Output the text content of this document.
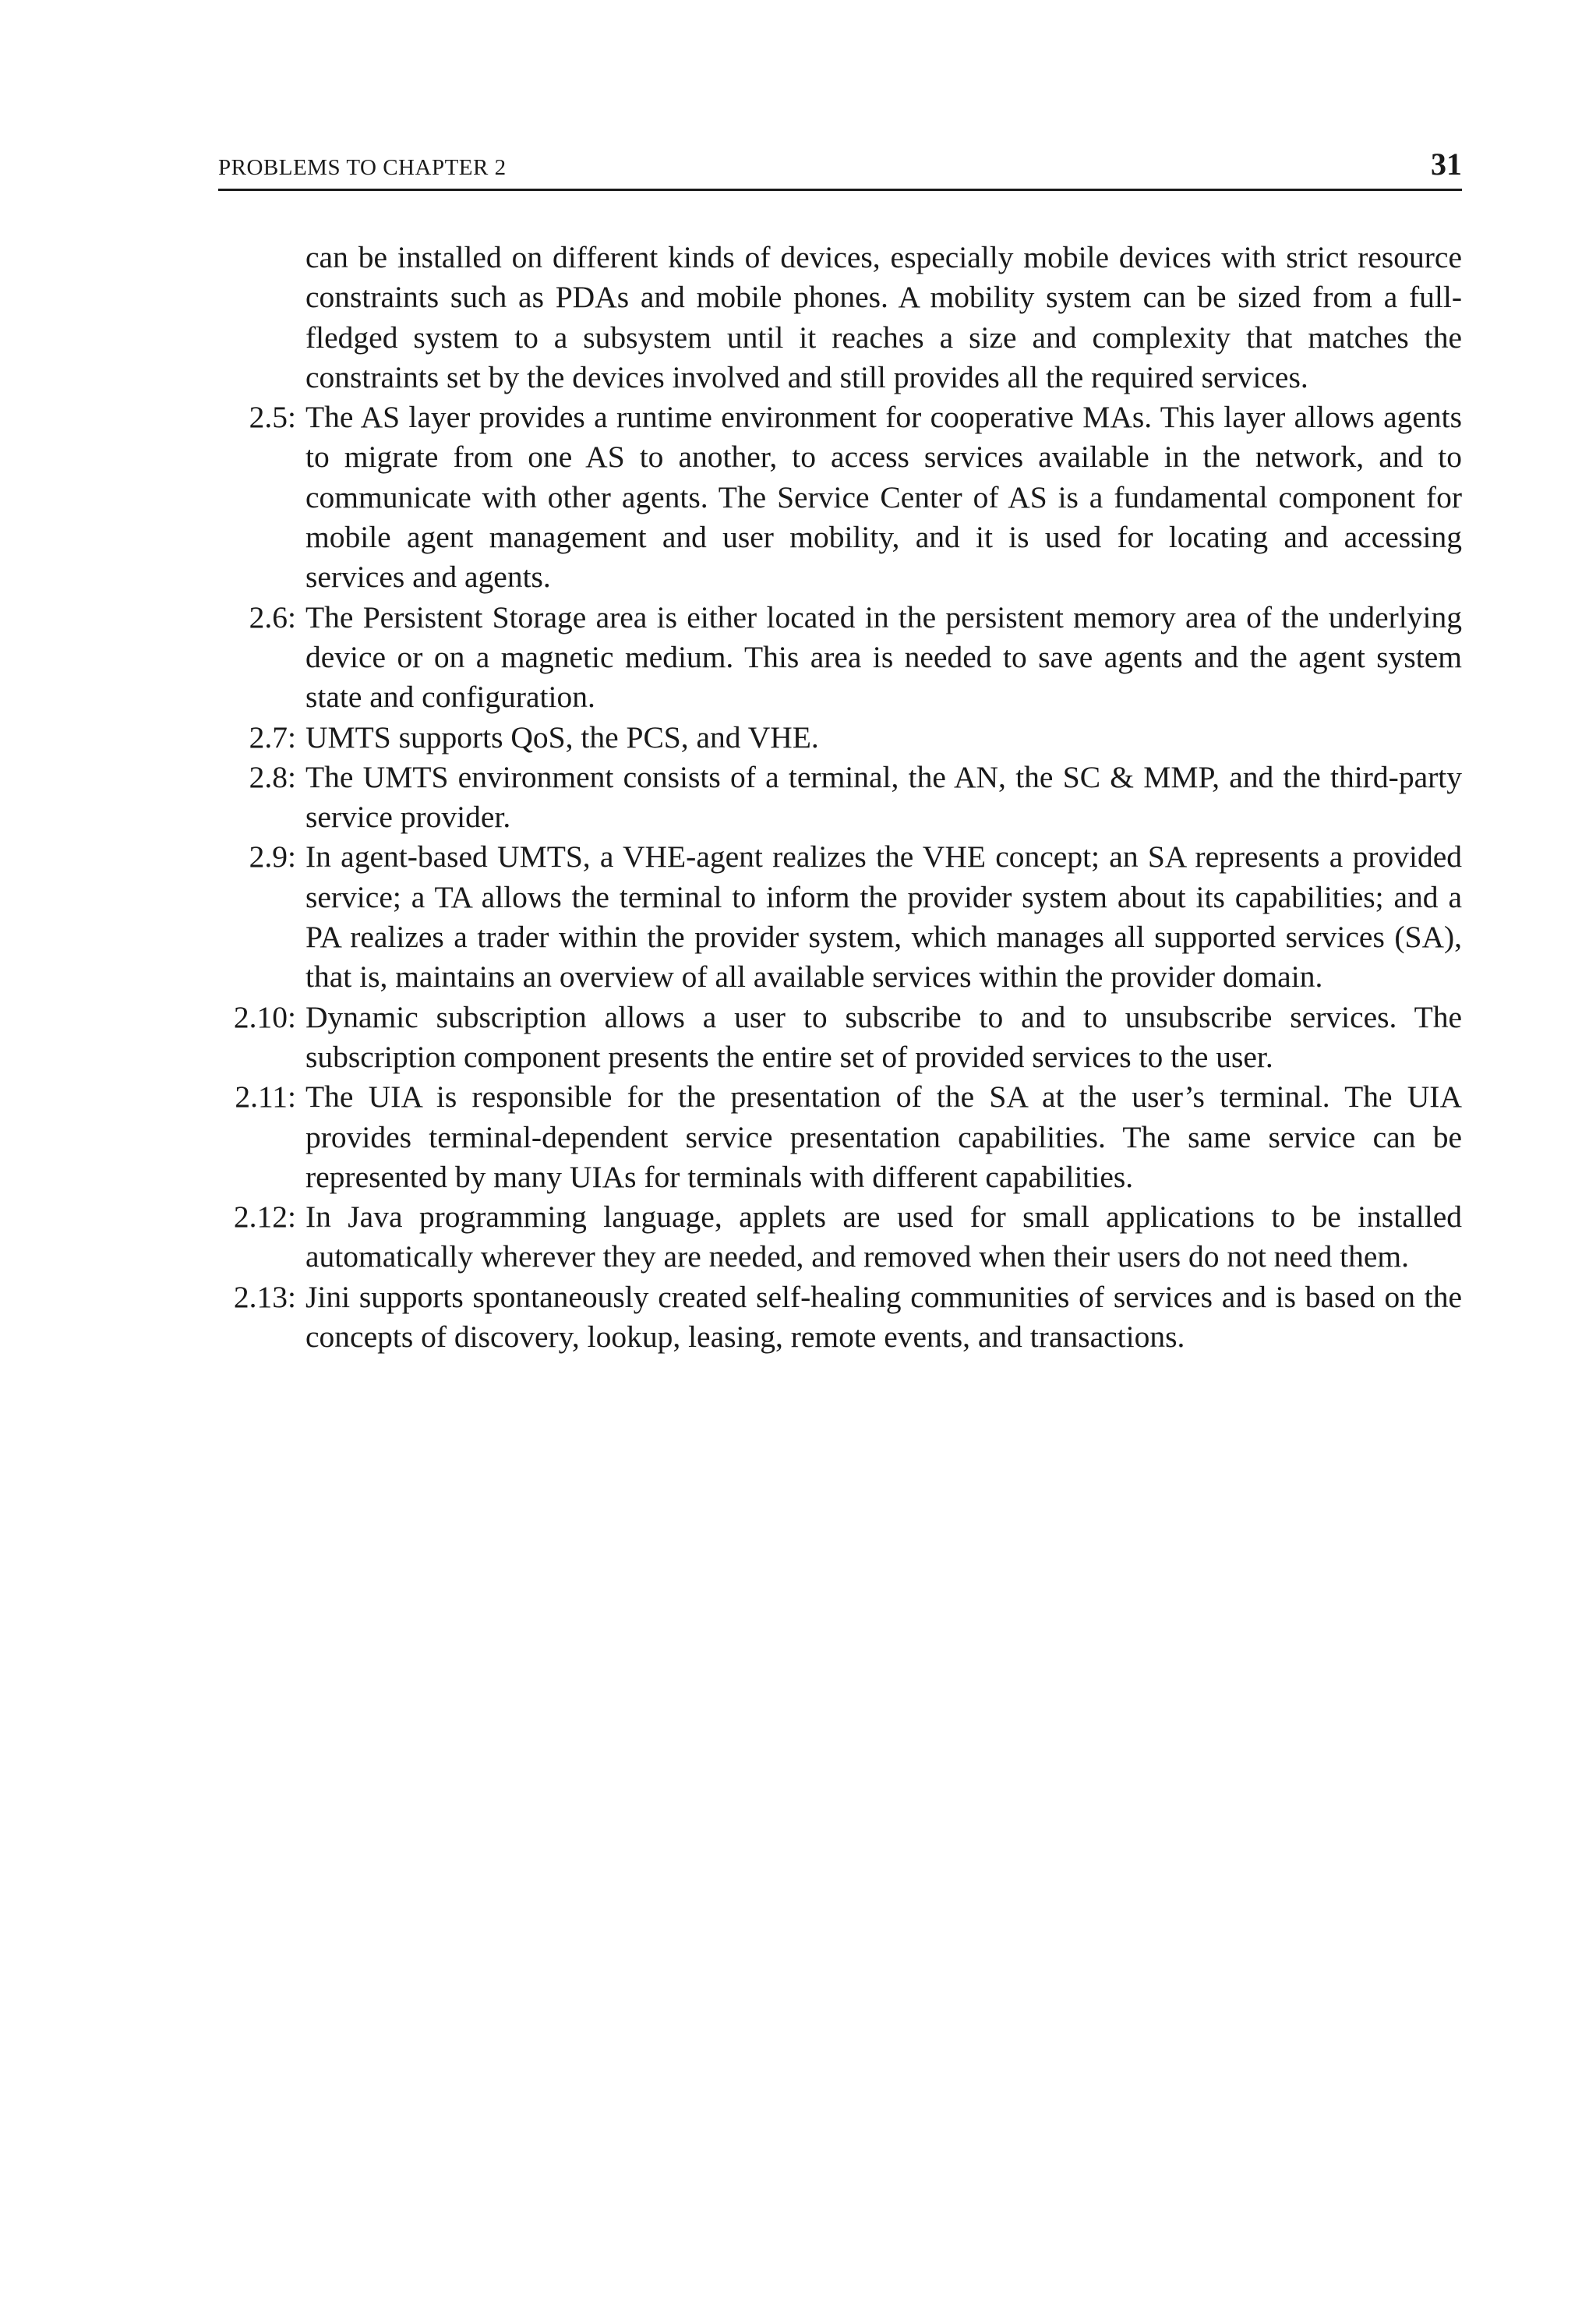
PROBLEMS TO CHAPTER 2	31
can be installed on different kinds of devices, especially mobile devices with strict resource constraints such as PDAs and mobile phones. A mobility system can be sized from a full-fledged system to a subsystem until it reaches a size and complexity that matches the constraints set by the devices involved and still provides all the required services.
2.5: The AS layer provides a runtime environment for cooperative MAs. This layer allows agents to migrate from one AS to another, to access services available in the network, and to communicate with other agents. The Service Center of AS is a fundamental component for mobile agent management and user mobility, and it is used for locating and accessing services and agents.
2.6: The Persistent Storage area is either located in the persistent memory area of the underlying device or on a magnetic medium. This area is needed to save agents and the agent system state and configuration.
2.7: UMTS supports QoS, the PCS, and VHE.
2.8: The UMTS environment consists of a terminal, the AN, the SC & MMP, and the third-party service provider.
2.9: In agent-based UMTS, a VHE-agent realizes the VHE concept; an SA represents a provided service; a TA allows the terminal to inform the provider system about its capabilities; and a PA realizes a trader within the provider system, which manages all supported services (SA), that is, maintains an overview of all available services within the provider domain.
2.10: Dynamic subscription allows a user to subscribe to and to unsubscribe services. The subscription component presents the entire set of provided services to the user.
2.11: The UIA is responsible for the presentation of the SA at the user’s terminal. The UIA provides terminal-dependent service presentation capabilities. The same service can be represented by many UIAs for terminals with different capabilities.
2.12: In Java programming language, applets are used for small applications to be installed automatically wherever they are needed, and removed when their users do not need them.
2.13: Jini supports spontaneously created self-healing communities of services and is based on the concepts of discovery, lookup, leasing, remote events, and transactions.
